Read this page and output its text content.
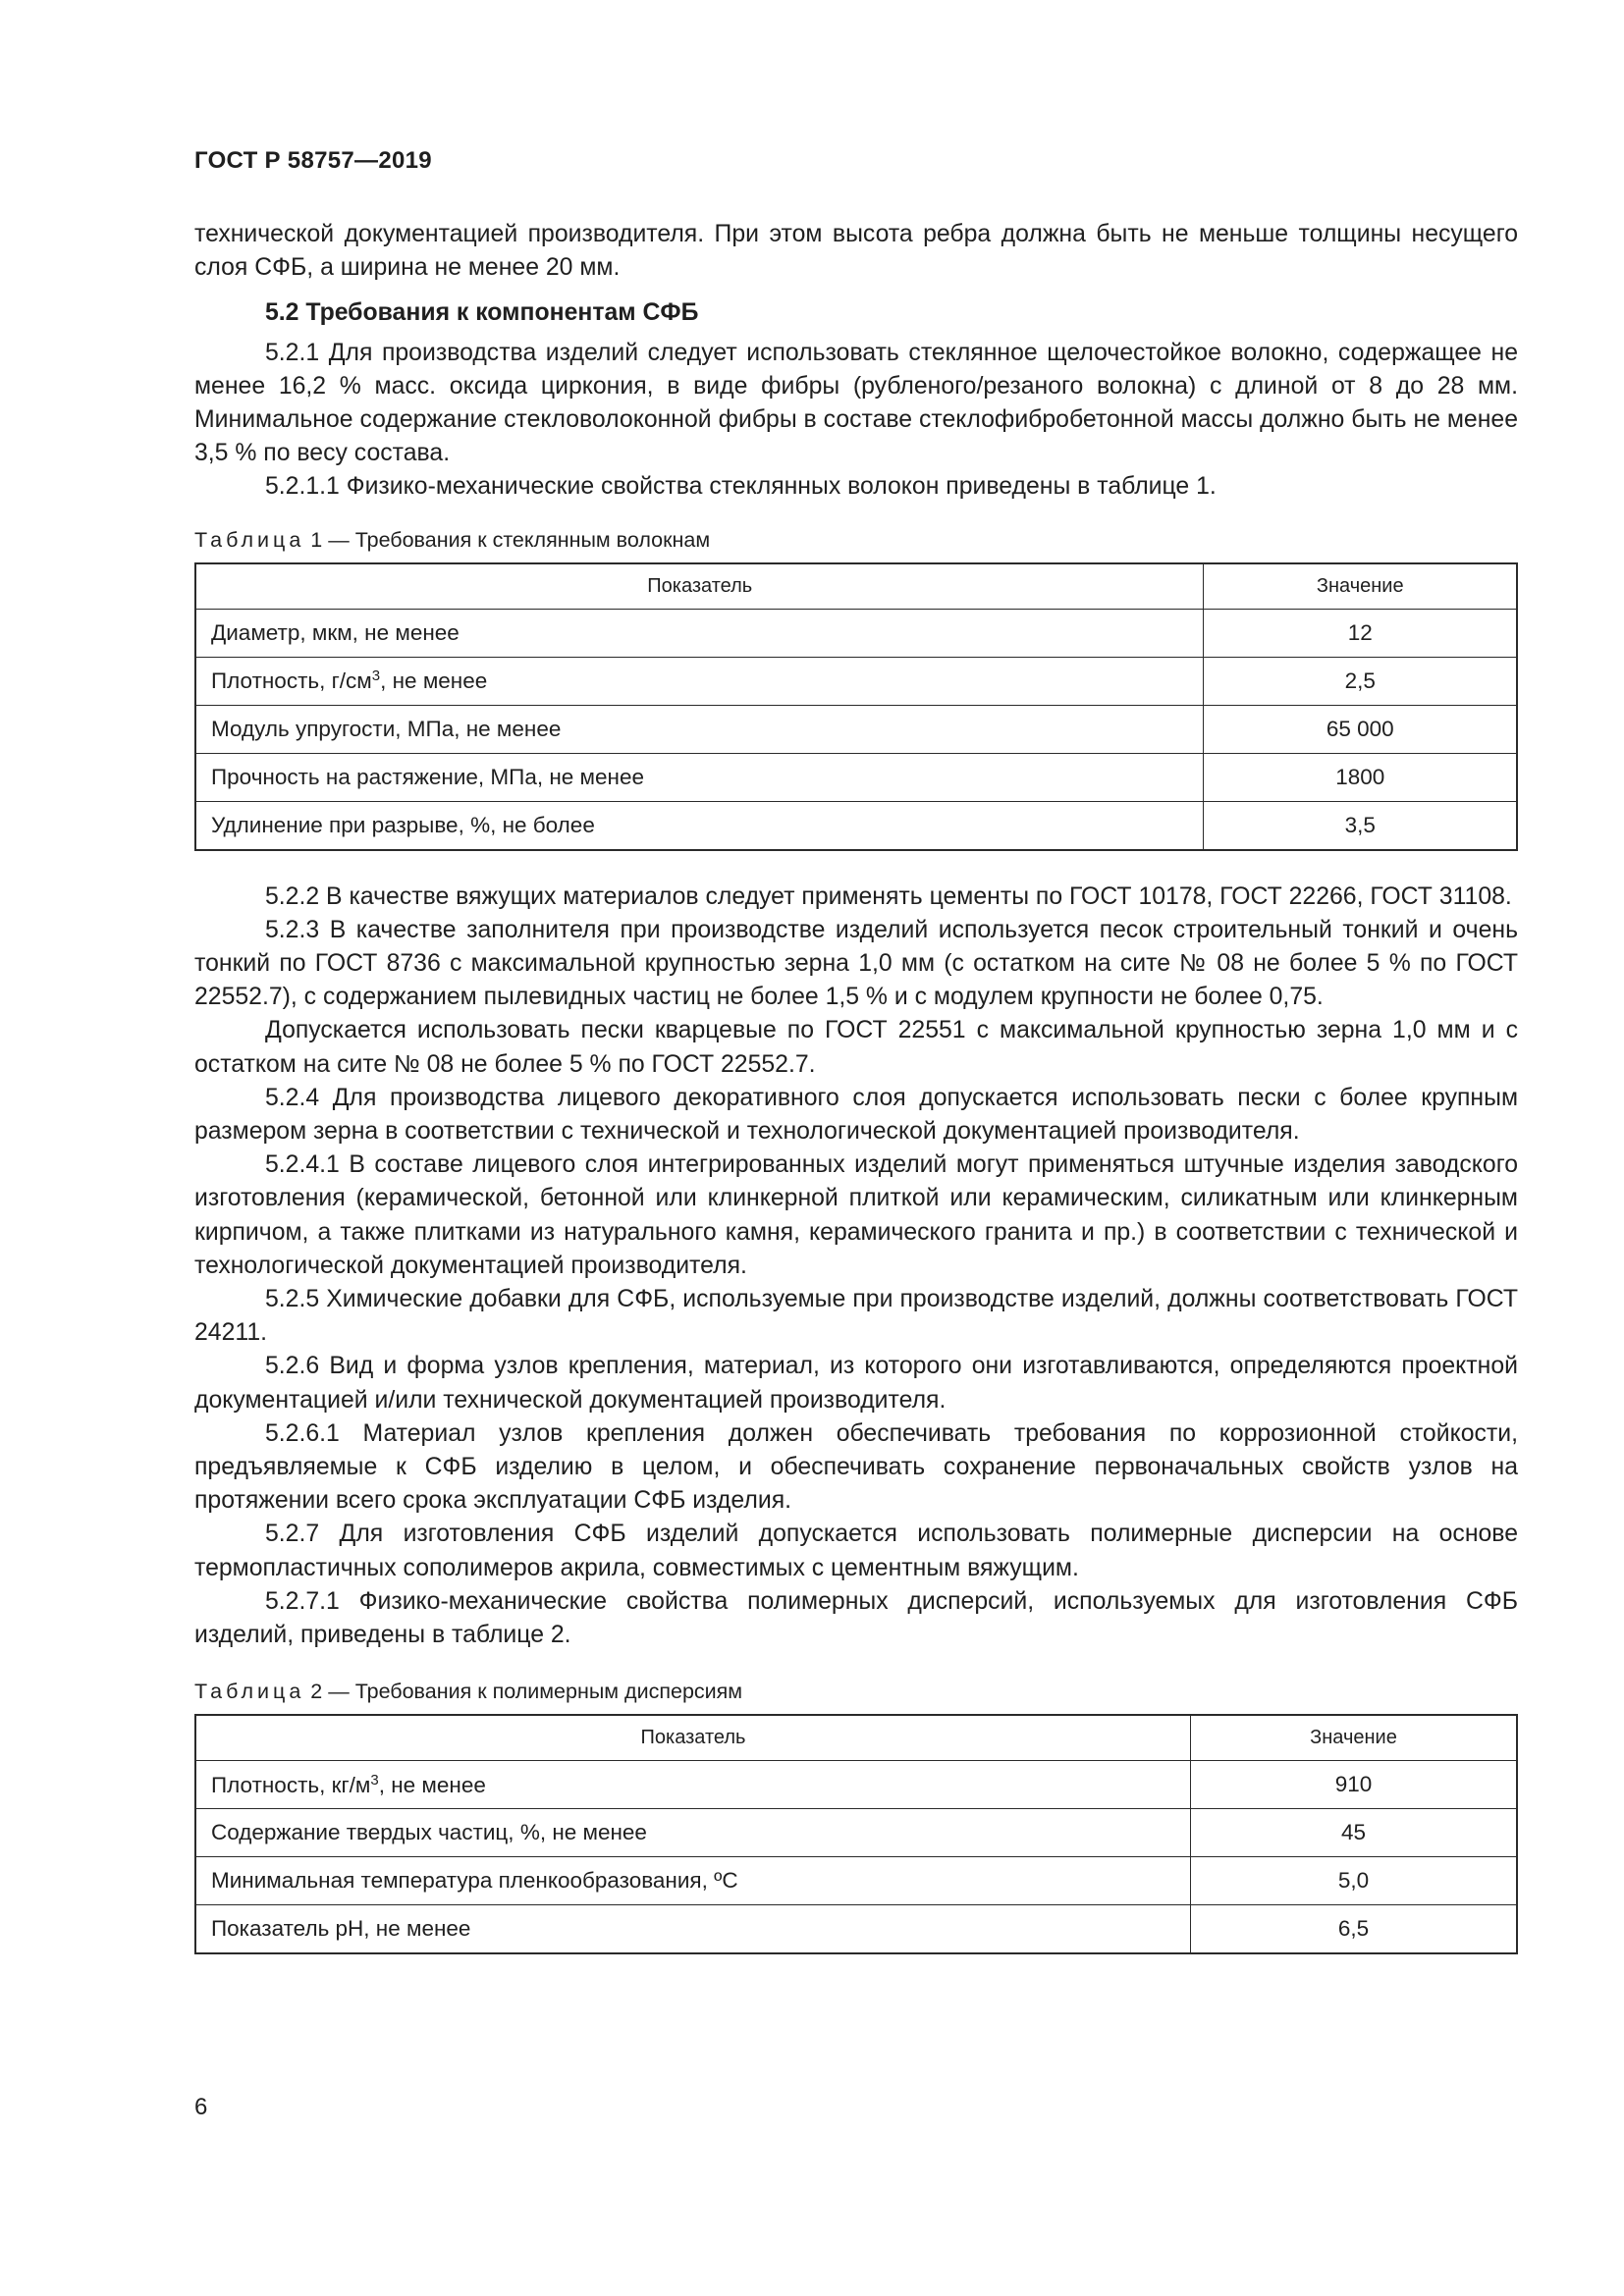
ГОСТ Р 58757—2019

технической документацией производителя. При этом высота ребра должна быть не меньше толщины несущего слоя СФБ, а ширина не менее 20 мм.

5.2 Требования к компонентам СФБ

5.2.1 Для производства изделий следует использовать стеклянное щелочестойкое волокно, содержащее не менее 16,2 % масс. оксида циркония, в виде фибры (рубленого/резаного волокна) с длиной от 8 до 28 мм. Минимальное содержание стекловолоконной фибры в составе стеклофибробетонной массы должно быть не менее 3,5 % по весу состава.

5.2.1.1 Физико-механические свойства стеклянных волокон приведены в таблице 1.

Таблица 1 — Требования к стеклянным волокнам
Показатель	Значение
Диаметр, мкм, не менее	12
Плотность, $г/см^3$, не менее	2,5
Модуль упругости, МПа, не менее	65 000
Прочность на растяжение, МПа, не менее	1800
Удлинение при разрыве, %, не более	3,5

5.2.2 В качестве вяжущих материалов следует применять цементы по ГОСТ 10178, ГОСТ 22266, ГОСТ 31108.

5.2.3 В качестве заполнителя при производстве изделий используется песок строительный тонкий и очень тонкий по ГОСТ 8736 с максимальной крупностью зерна 1,0 мм (с остатком на сите № 08 не более 5 % по ГОСТ 22552.7), с содержанием пылевидных частиц не более 1,5 % и с модулем крупности не более 0,75.

Допускается использовать пески кварцевые по ГОСТ 22551 с максимальной крупностью зерна 1,0 мм и с остатком на сите № 08 не более 5 % по ГОСТ 22552.7.

5.2.4 Для производства лицевого декоративного слоя допускается использовать пески с более крупным размером зерна в соответствии с технической и технологической документацией производителя.

5.2.4.1 В составе лицевого слоя интегрированных изделий могут применяться штучные изделия заводского изготовления (керамической, бетонной или клинкерной плиткой или керамическим, силикатным или клинкерным кирпичом, а также плитками из натурального камня, керамического гранита и пр.) в соответствии с технической и технологической документацией производителя.

5.2.5 Химические добавки для СФБ, используемые при производстве изделий, должны соответствовать ГОСТ 24211.

5.2.6 Вид и форма узлов крепления, материал, из которого они изготавливаются, определяются проектной документацией и/или технической документацией производителя.

5.2.6.1 Материал узлов крепления должен обеспечивать требования по коррозионной стойкости, предъявляемые к СФБ изделию в целом, и обеспечивать сохранение первоначальных свойств узлов на протяжении всего срока эксплуатации СФБ изделия.

5.2.7 Для изготовления СФБ изделий допускается использовать полимерные дисперсии на основе термопластичных сополимеров акрила, совместимых с цементным вяжущим.

5.2.7.1 Физико-механические свойства полимерных дисперсий, используемых для изготовления СФБ изделий, приведены в таблице 2.

Таблица 2 — Требования к полимерным дисперсиям
Показатель	Значение
Плотность, $кг/м^3$, не менее	910
Содержание твердых частиц, %, не менее	45
Минимальная температура пленкообразования, ºС	5,0
Показатель pH, не менее	6,5
6
